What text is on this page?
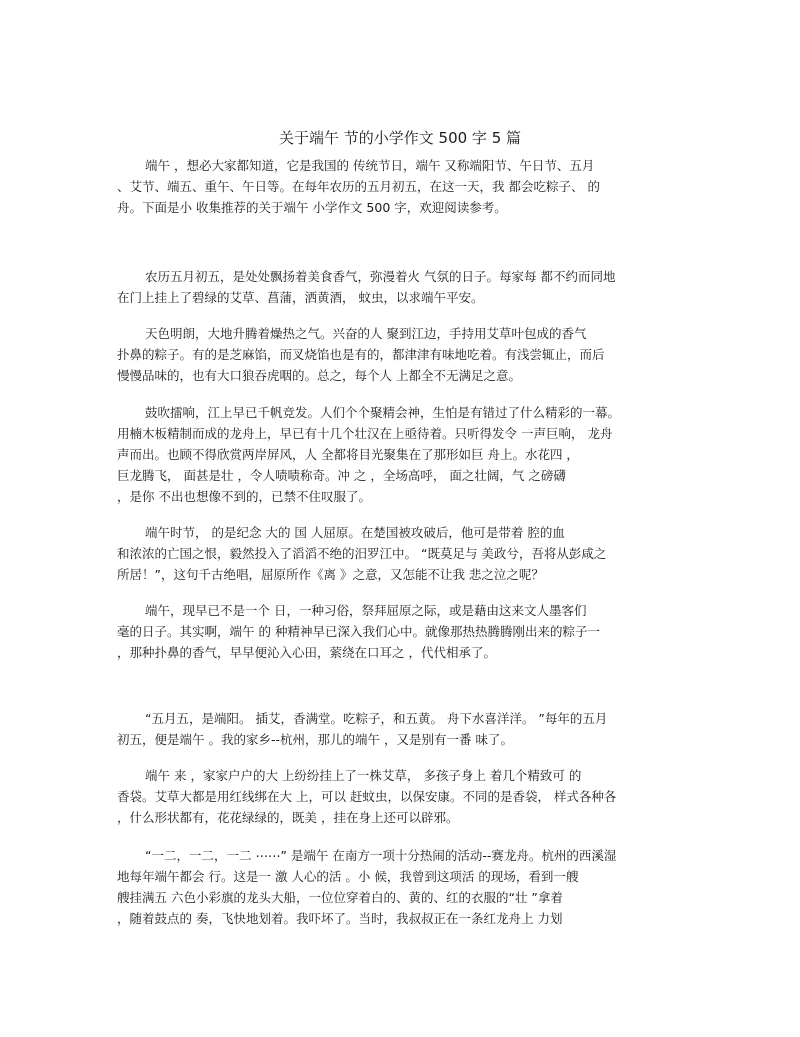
关于端午 节的小学作文 500 字 5 篇
端午 ，想必大家都知道，它是我国的 传统节日，端午 又称端阳节、午日节、五月
、艾节、端五、重午、午日等。在每年农历的五月初五，在这一天，我 都会吃粽子、 的
舟。下面是小 收集推荐的关于端午 小学作文 500 字，欢迎阅读参考。
农历五月初五，是处处飘扬着美食香气，弥漫着火 气氛的日子。每家每 都不约而同地
在门上挂上了碧绿的艾草、菖蒲，洒黄酒， 蚊虫，以求端午平安。
天色明朗，大地升腾着燥热之气。兴奋的人 聚到江边，手持用艾草叶包成的香气
扑鼻的粽子。有的是芝麻馅，而叉烧馅也是有的，都津津有味地吃着。有浅尝辄止，而后
慢慢品味的，也有大口狼吞虎咽的。总之，每个人 上都全不无满足之意。
鼓吹擂响，江上早已千帆竞发。人们个个聚精会神，生怕是有错过了什么精彩的一幕。
用楠木板精制而成的龙舟上，早已有十几个壮汉在上亟待着。只听得发令 一声巨响， 龙舟
声而出。也顾不得欣赏两岸屏风，人 全都将目光聚集在了那形如巨 舟上。水花四 ，
巨龙腾飞， 面甚是壮 ，令人啧啧称奇。冲 之 ，全场高呼， 面之壮阔，气 之磅礴
，是你 不出也想像不到的，已禁不住叹服了。
端午时节， 的是纪念 大的 国 人屈原。在楚国被攻破后，他可是带着 腔的血
和浓浓的亡国之恨，毅然投入了滔滔不绝的汨罗江中。 “既莫足与 美政兮，吾将从彭咸之
所居！”，这句千古绝唱，屈原所作《离 》之意，又怎能不让我 悲之泣之呢？
端午，现早已不是一个 日，一种习俗，祭拜屈原之际，或是藉由这来文人墨客们
毫的日子。其实啊，端午 的 种精神早已深入我们心中。就像那热热腾腾刚出来的粽子一
，那种扑鼻的香气，早早便沁入心田，萦绕在口耳之 ，代代相承了。
“五月五，是端阳。 插艾，香满堂。吃粽子，和五黄。 舟下水喜洋洋。 ”每年的五月
初五，便是端午 。我的家乡--杭州，那儿的端午 ，又是别有一番 味了。
端午 来 ，家家户户的大 上纷纷挂上了一株艾草， 多孩子身上 着几个精致可 的
香袋。艾草大都是用红线绑在大 上，可以 赶蚊虫，以保安康。不同的是香袋， 样式各种各
，什么形状都有，花花绿绿的，既美 ，挂在身上还可以辟邪。
“一二，一二，一二 ⋯⋯” 是端午 在南方一项十分热闹的活动--赛龙舟。杭州的西溪湿
地每年端午都会 行。这是一 激 人心的活 。小 候，我曾到这项活 的现场，看到一艘
艘挂满五 六色小彩旗的龙头大船，一位位穿着白的、黄的、红的衣服的“壮 ”拿着
，随着鼓点的 奏，飞快地划着。我吓坏了。当时，我叔叔正在一条红龙舟上 力划
